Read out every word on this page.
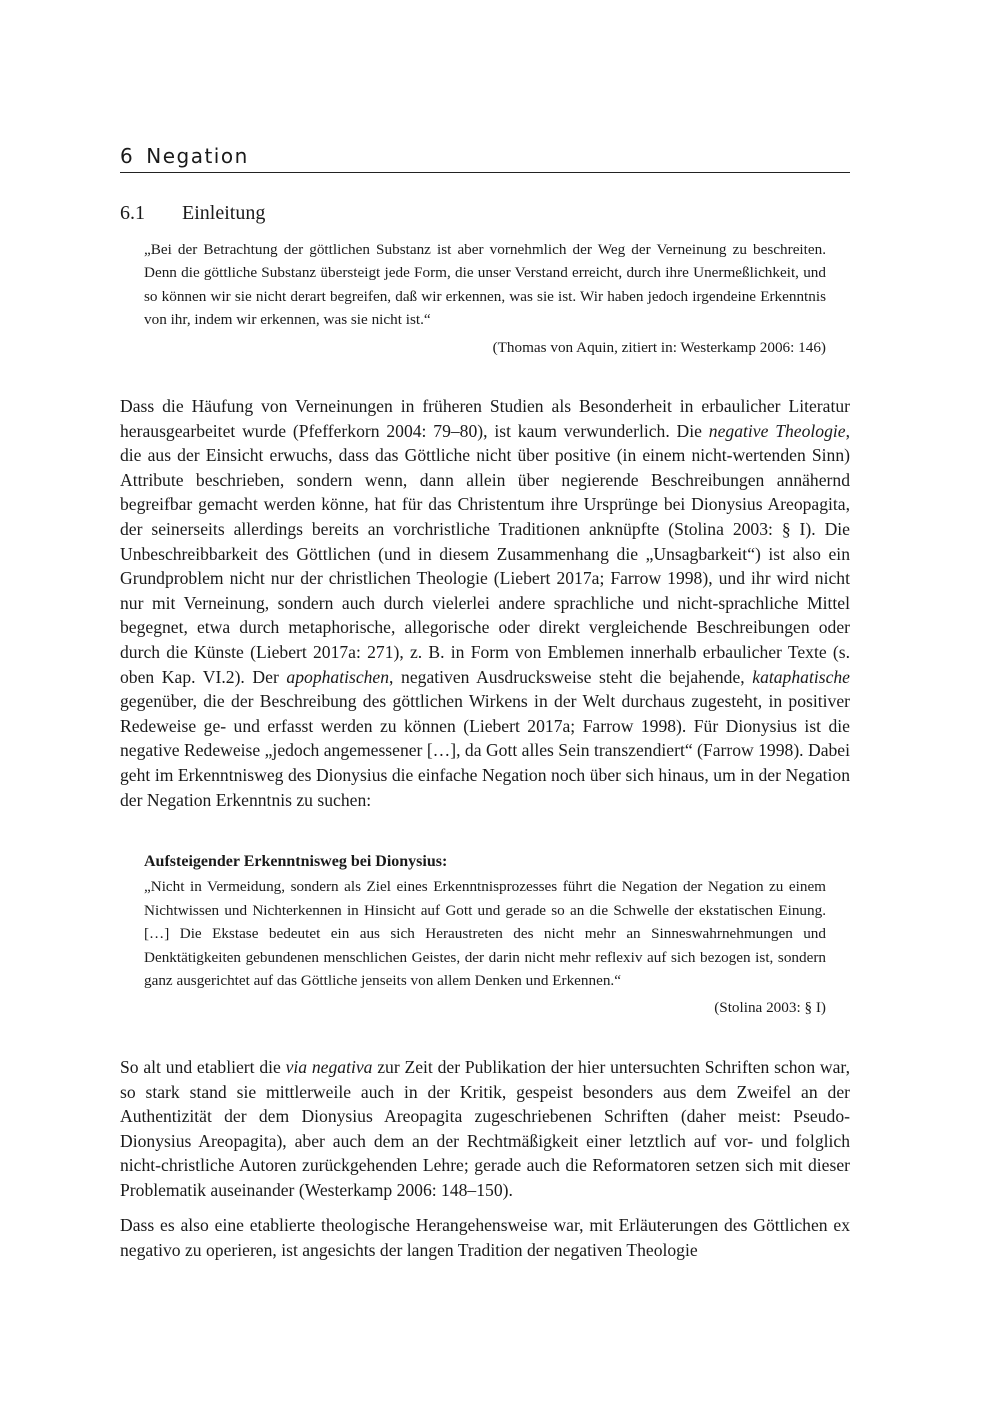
6 Negation
6.1 Einleitung
„Bei der Betrachtung der göttlichen Substanz ist aber vornehmlich der Weg der Verneinung zu beschreiten. Denn die göttliche Substanz übersteigt jede Form, die unser Verstand erreicht, durch ihre Unermeßlichkeit, und so können wir sie nicht derart begreifen, daß wir erkennen, was sie ist. Wir haben jedoch irgendeine Erkenntnis von ihr, indem wir erkennen, was sie nicht ist.“
(Thomas von Aquin, zitiert in: Westerkamp 2006: 146)
Dass die Häufung von Verneinungen in früheren Studien als Besonderheit in erbaulicher Literatur herausgearbeitet wurde (Pfefferkorn 2004: 79–80), ist kaum verwunderlich. Die negative Theologie, die aus der Einsicht erwuchs, dass das Göttliche nicht über positive (in einem nicht-wertenden Sinn) Attribute beschrieben, sondern wenn, dann allein über negierende Beschreibungen annähernd begreifbar gemacht werden könne, hat für das Christentum ihre Ursprünge bei Dionysius Areopagita, der seinerseits allerdings bereits an vorchristliche Traditionen anknüpfte (Stolina 2003: § I). Die Unbeschreibbarkeit des Göttlichen (und in diesem Zusammenhang die „Unsagbarkeit“) ist also ein Grundproblem nicht nur der christlichen Theologie (Liebert 2017a; Farrow 1998), und ihr wird nicht nur mit Verneinung, sondern auch durch vielerlei andere sprachliche und nicht-sprachliche Mittel begegnet, etwa durch metaphorische, allegorische oder direkt vergleichende Beschreibungen oder durch die Künste (Liebert 2017a: 271), z. B. in Form von Emblemen innerhalb erbaulicher Texte (s. oben Kap. VI.2). Der apophatischen, negativen Ausdrucksweise steht die bejahende, kataphatische gegenüber, die der Beschreibung des göttlichen Wirkens in der Welt durchaus zugesteht, in positiver Redeweise ge- und erfasst werden zu können (Liebert 2017a; Farrow 1998). Für Dionysius ist die negative Redeweise „jedoch angemessener […], da Gott alles Sein transzendiert“ (Farrow 1998). Dabei geht im Erkenntnisweg des Dionysius die einfache Negation noch über sich hinaus, um in der Negation der Negation Erkenntnis zu suchen:
Aufsteigender Erkenntnisweg bei Dionysius:
„Nicht in Vermeidung, sondern als Ziel eines Erkenntnisprozesses führt die Negation der Negation zu einem Nichtwissen und Nichterkennen in Hinsicht auf Gott und gerade so an die Schwelle der ekstatischen Einung. […] Die Ekstase bedeutet ein aus sich Heraustreten des nicht mehr an Sinneswahrnehmungen und Denktätigkeiten gebundenen menschlichen Geistes, der darin nicht mehr reflexiv auf sich bezogen ist, sondern ganz ausgerichtet auf das Göttliche jenseits von allem Denken und Erkennen.“
(Stolina 2003: § I)
So alt und etabliert die via negativa zur Zeit der Publikation der hier untersuchten Schriften schon war, so stark stand sie mittlerweile auch in der Kritik, gespeist besonders aus dem Zweifel an der Authentizität der dem Dionysius Areopagita zugeschriebenen Schriften (daher meist: Pseudo-Dionysius Areopagita), aber auch dem an der Rechtmäßigkeit einer letztlich auf vor- und folglich nicht-christliche Autoren zurückgehenden Lehre; gerade auch die Reformatoren setzen sich mit dieser Problematik auseinander (Westerkamp 2006: 148–150).
Dass es also eine etablierte theologische Herangehensweise war, mit Erläuterungen des Göttlichen ex negativo zu operieren, ist angesichts der langen Tradition der negativen Theologie
